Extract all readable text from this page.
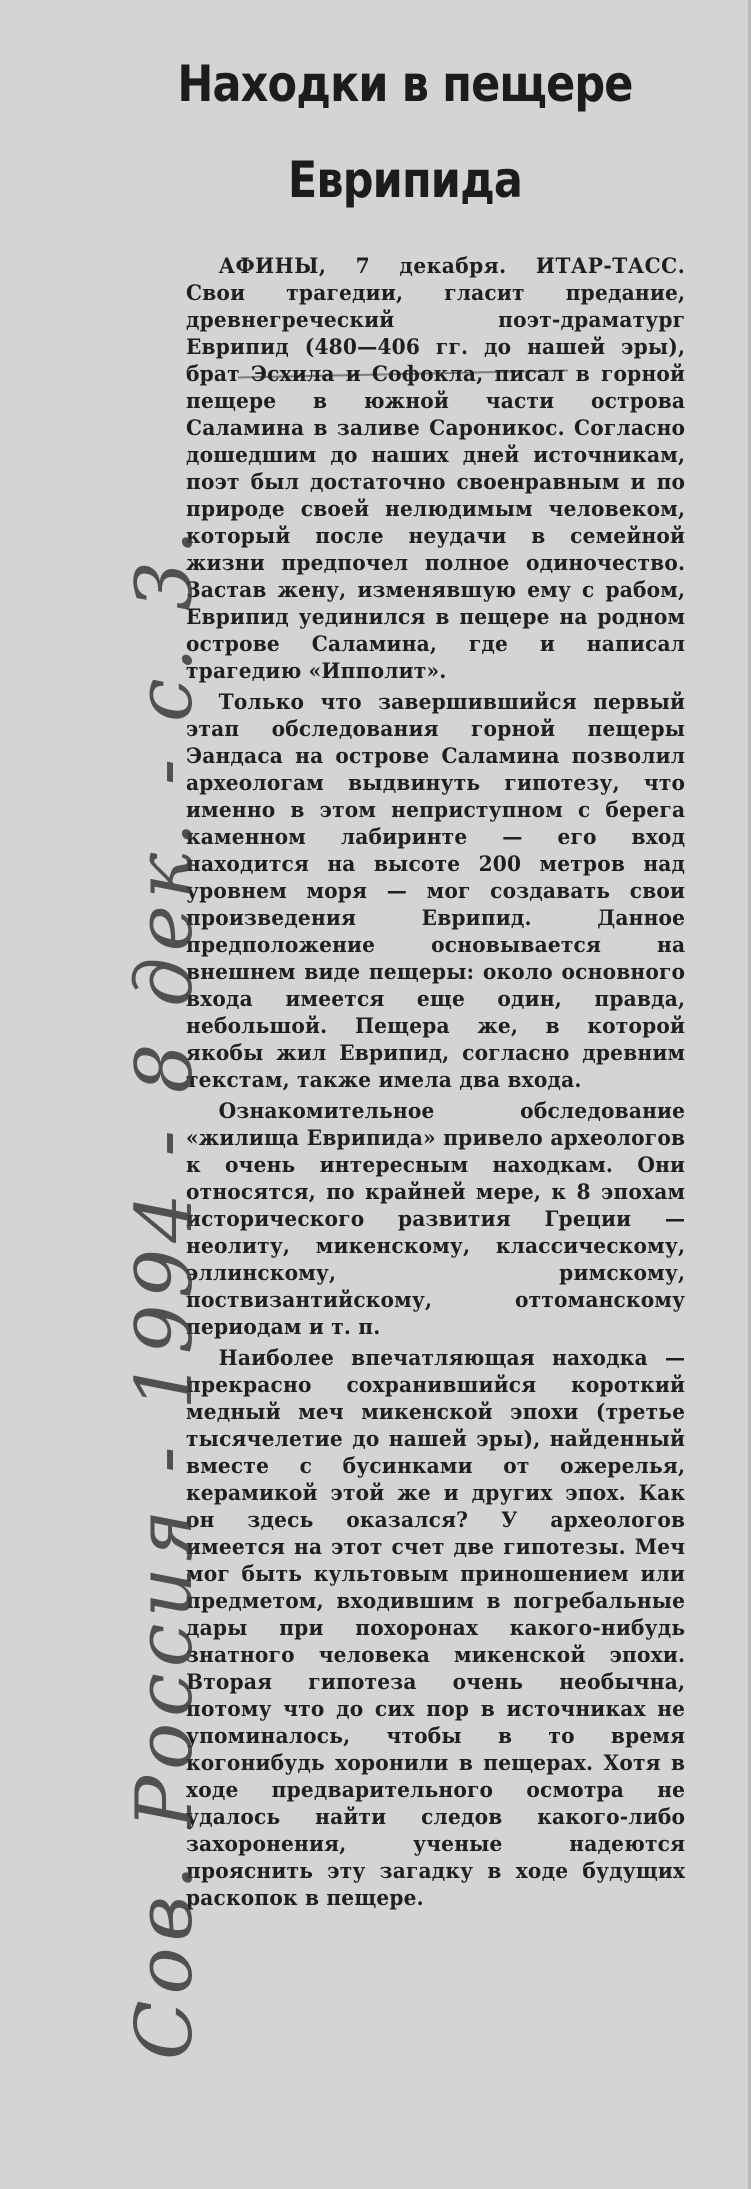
Находки в пещере
Еврипида

АФИНЫ, 7 декабря. ИТАР-ТАСС. Свои трагедии, гласит предание, древнегреческий поэт-драматург Еврипид (480—406 гг. до нашей эры), брат Эсхила и Софокла, писал в горной пещере в южной части острова Саламина в заливе Сароникос. Согласно дошедшим до наших дней источникам, поэт был достаточно своенравным и по природе своей нелюдимым человеком, который после неудачи в семейной жизни предпочел полное одиночество. Застав жену, изменявшую ему с рабом, Еврипид уединился в пещере на родном острове Саламина, где и написал трагедию «Ипполит».

Только что завершившийся первый этап обследования горной пещеры Эандаса на острове Саламина позволил археологам выдвинуть гипотезу, что именно в этом неприступном с берега каменном лабиринте — его вход находится на высоте 200 метров над уровнем моря — мог создавать свои произведения Еврипид. Данное предположение основывается на внешнем виде пещеры: около основного входа имеется еще один, правда, небольшой. Пещера же, в которой якобы жил Еврипид, согласно древним текстам, также имела два входа.

Ознакомительное обследование «жилища Еврипида» привело археологов к очень интересным находкам. Они относятся, по крайней мере, к 8 эпохам исторического развития Греции — неолиту, микенскому, классическому, эллинскому, римскому, поствизантийскому, оттоманскому периодам и т. п.

Наиболее впечатляющая находка — прекрасно сохранившийся короткий медный меч микенской эпохи (третье тысячелетие до нашей эры), найденный вместе с бусинками от ожерелья, керамикой этой же и других эпох. Как он здесь оказался? У археологов имеется на этот счет две гипотезы. Меч мог быть культовым приношением или предметом, входившим в погребальные дары при похоронах какого-нибудь знатного человека микенской эпохи. Вторая гипотеза очень необычна, потому что до сих пор в источниках не упоминалось, чтобы в то время когонибудь хоронили в пещерах. Хотя в ходе предварительного осмотра не удалось найти следов какого-либо захоронения, ученые надеются прояснить эту загадку в ходе будущих раскопок в пещере.

Сов. Россия - 1994 - 8 дек. - с. 3.
